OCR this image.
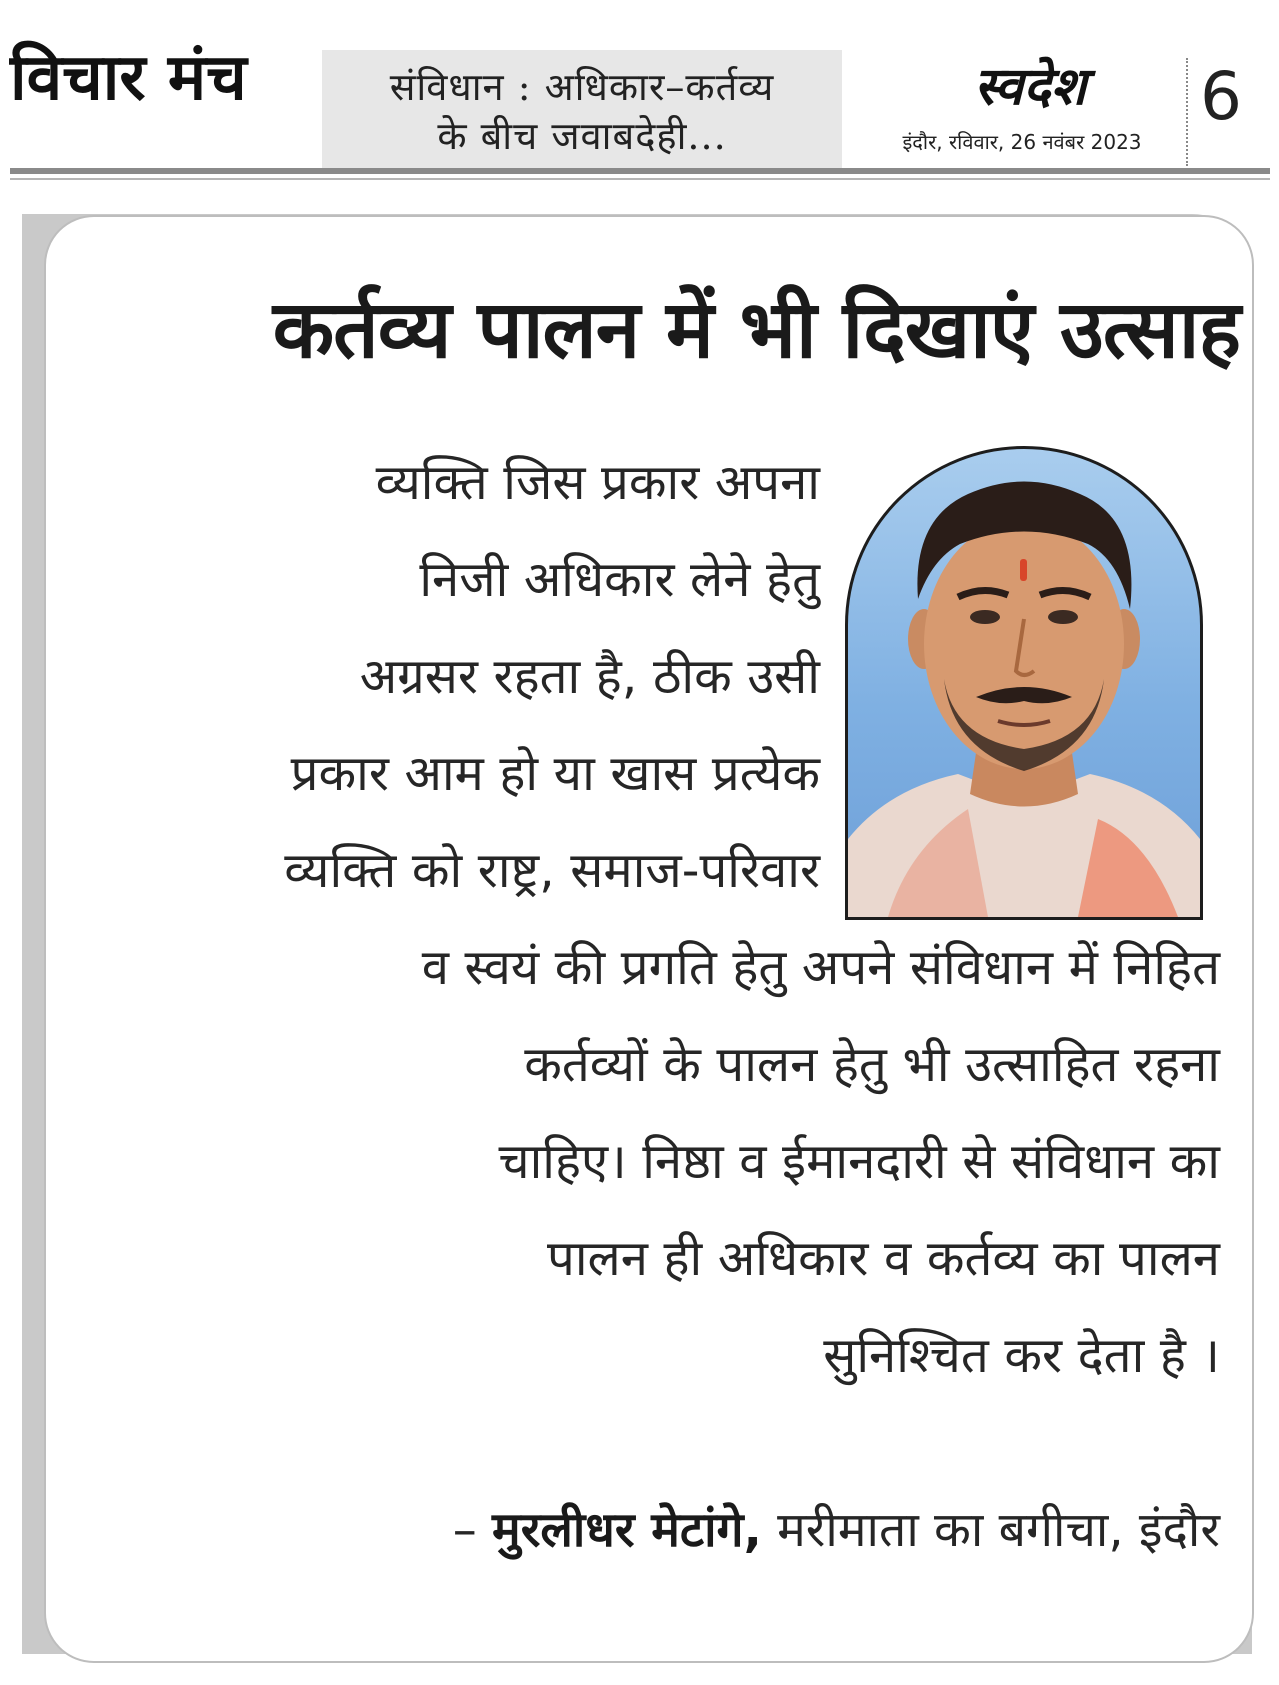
विचार मंच	संविधान : अधिकार–कर्तव्य
के बीच जवाबदेही...
स्वदेश
इंदौर, रविवार, 26 नवंबर 2023
6
कर्तव्य पालन में भी दिखाएं उत्साह
व्यक्ति जिस प्रकार अपना
निजी अधिकार लेने हेतु
अग्रसर रहता है, ठीक उसी
प्रकार आम हो या खास प्रत्येक
व्यक्ति को राष्ट्र, समाज-परिवार
व स्वयं की प्रगति हेतु अपने संविधान में निहित
कर्तव्यों के पालन हेतु भी उत्साहित रहना
चाहिए। निष्ठा व ईमानदारी से संविधान का
पालन ही अधिकार व कर्तव्य का पालन
सुनिश्चित कर देता है ।
– मुरलीधर मेटांगे, मरीमाता का बगीचा, इंदौर
